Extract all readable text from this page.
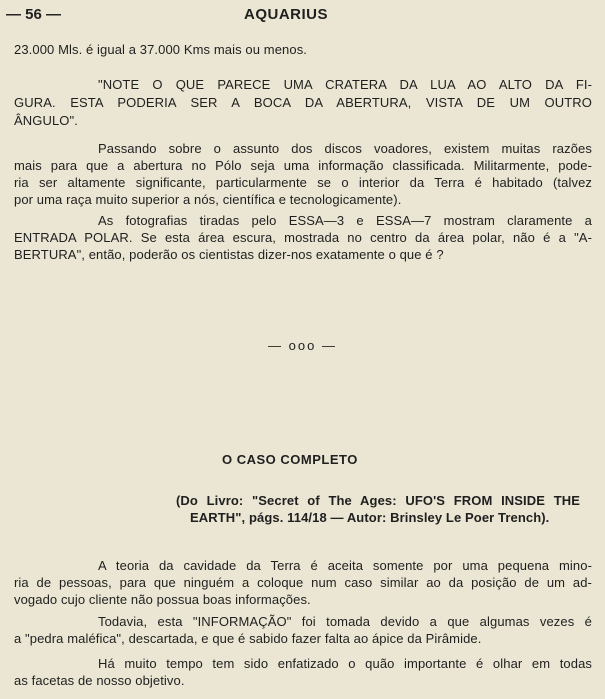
— 56 —	AQUARIUS
23.000 Mls. é igual a 37.000 Kms mais ou menos.
"NOTE O QUE PARECE UMA CRATERA DA LUA AO ALTO DA FI-
GURA. ESTA PODERIA SER A BOCA DA ABERTURA, VISTA DE UM OUTRO
ÂNGULO".
Passando sobre o assunto dos discos voadores, existem muitas razões
mais para que a abertura no Pólo seja uma informação classificada. Militarmente, pode-
ria ser altamente significante, particularmente se o interior da Terra é habitado (talvez
por uma raça muito superior a nós, científica e tecnologicamente).
As fotografias tiradas pelo ESSA—3 e ESSA—7 mostram claramente a
ENTRADA POLAR. Se esta área escura, mostrada no centro da área polar, não é a "A-
BERTURA", então, poderão os cientistas dizer-nos exatamente o que é ?
— ooo —
O CASO COMPLETO
(Do Livro: "Secret of The Ages: UFO'S FROM INSIDE THE
EARTH", págs. 114/18 — Autor: Brinsley Le Poer Trench).
A teoria da cavidade da Terra é aceita somente por uma pequena mino-
ria de pessoas, para que ninguém a coloque num caso similar ao da posição de um ad-
vogado cujo cliente não possua boas informações.
Todavia, esta "INFORMAÇÃO" foi tomada devido a que algumas vezes é
a "pedra maléfica", descartada, e que é sabido fazer falta ao ápice da Pirâmide.
Há muito tempo tem sido enfatizado o quão importante é olhar em todas
as facetas de nosso objetivo.
